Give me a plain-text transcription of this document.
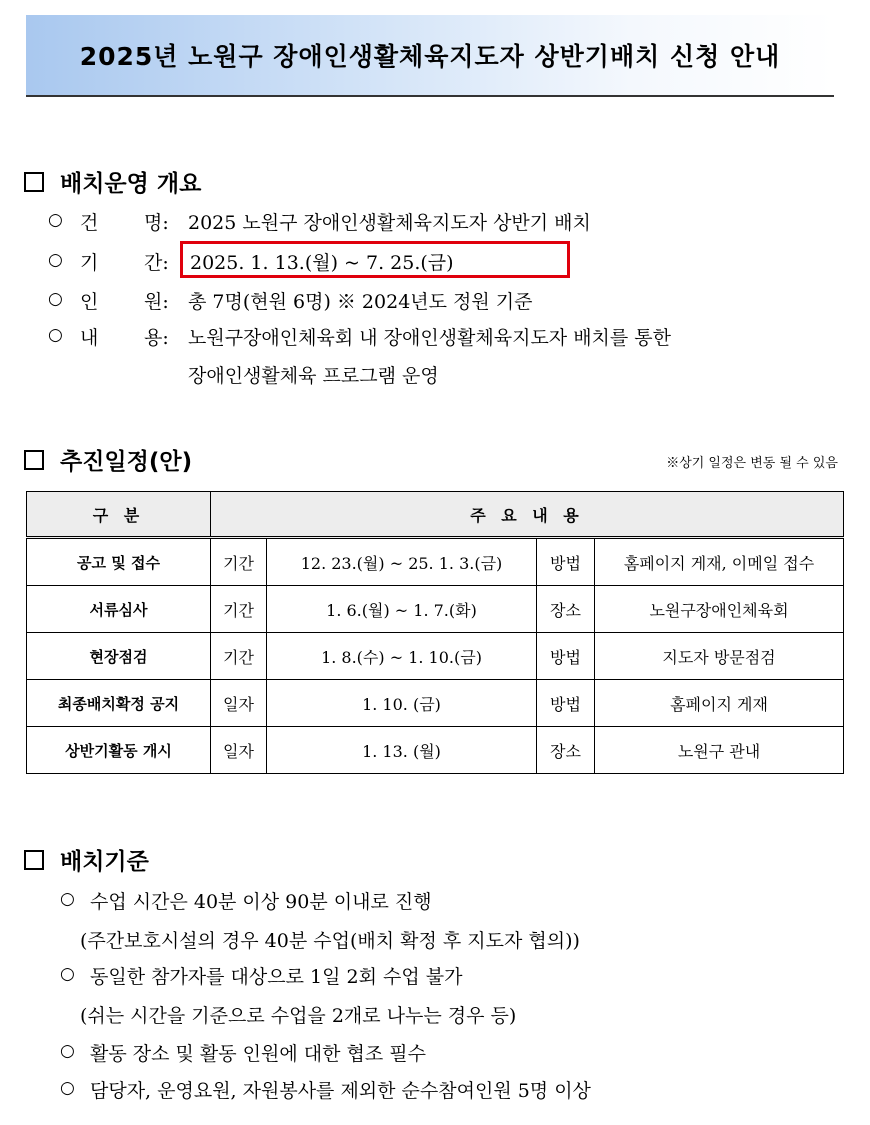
2025년 노원구 장애인생활체육지도자 상반기배치 신청 안내
배치운영 개요
○ 건 명: 2025 노원구 장애인생활체육지도자 상반기 배치
○ 기 간: 2025. 1. 13.(월) ~ 7. 25.(금)
○ 인 원: 총 7명(현원 6명) ※ 2024년도 정원 기준
○ 내 용: 노원구장애인체육회 내 장애인생활체육지도자 배치를 통한
장애인생활체육 프로그램 운영
추진일정(안)	※상기 일정은 변동 될 수 있음
구 분	주 요 내 용			
공고 및 접수	기간	12. 23.(월) ~ 25. 1. 3.(금)	방법	홈페이지 게재, 이메일 접수
서류심사	기간	1. 6.(월) ~ 1. 7.(화)	장소	노원구장애인체육회
현장점검	기간	1. 8.(수) ~ 1. 10.(금)	방법	지도자 방문점검
최종배치확정 공지	일자	1. 10. (금)	방법	홈페이지 게재
상반기활동 개시	일자	1. 13. (월)	장소	노원구 관내
배치기준
○ 수업 시간은 40분 이상 90분 이내로 진행
(주간보호시설의 경우 40분 수업(배치 확정 후 지도자 협의))
○ 동일한 참가자를 대상으로 1일 2회 수업 불가
(쉬는 시간을 기준으로 수업을 2개로 나누는 경우 등)
○ 활동 장소 및 활동 인원에 대한 협조 필수
○ 담당자, 운영요원, 자원봉사를 제외한 순수참여인원 5명 이상
